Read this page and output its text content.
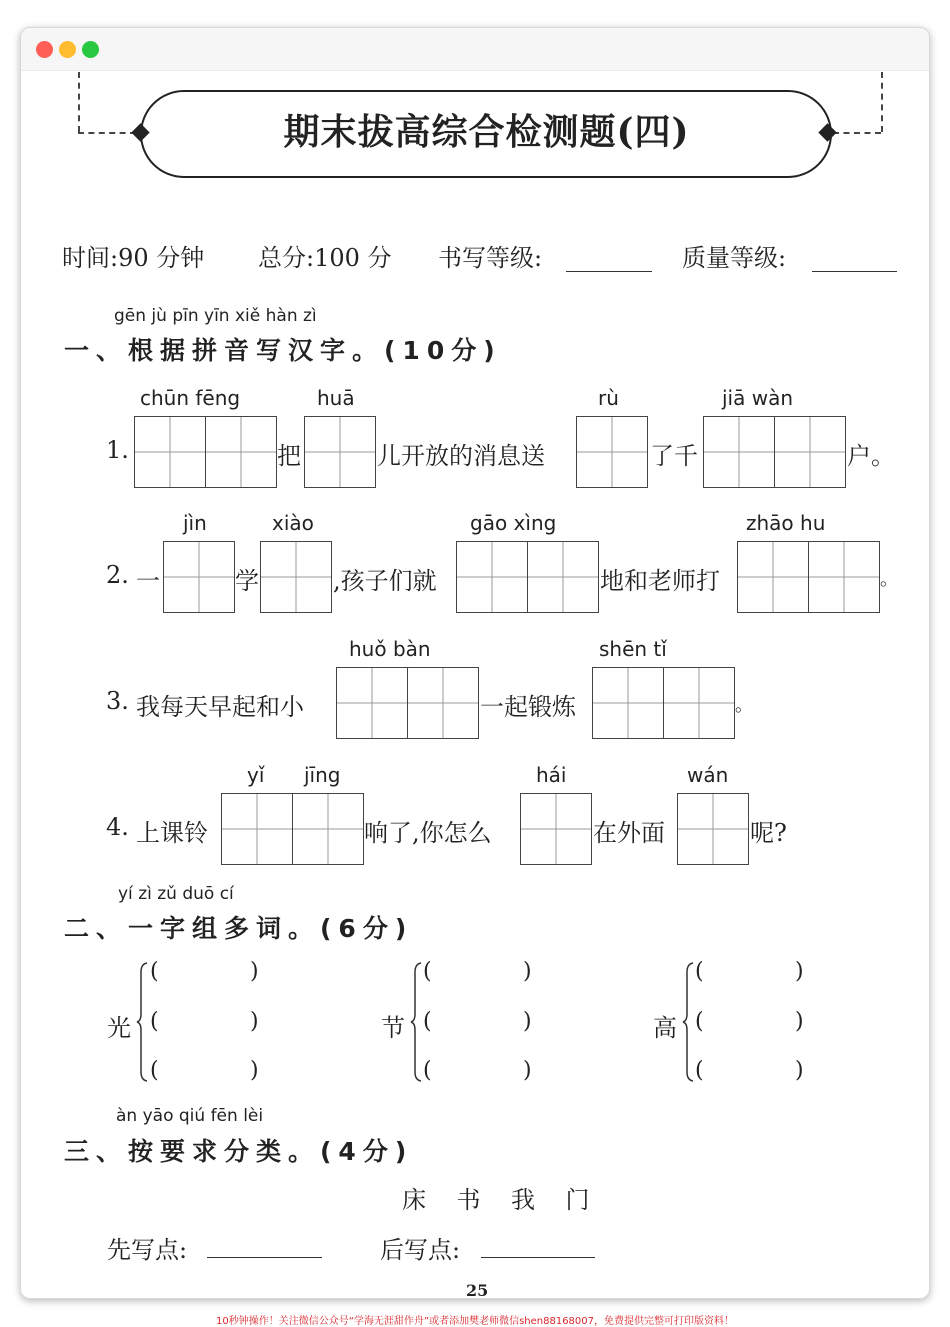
期末拔高综合检测题(四)
时间:90 分钟 总分:100 分 书写等级:	质量等级:
gēn jù pīn yīn xiě hàn zì
一、根据拼音写汉字。(10分)
chūn fēng	huā	rù	jiā wàn
1.	把	儿开放的消息送	了千	户。
jìn	xiào	gāo xìng	zhāo hu
2. 一	学	,孩子们就	地和老师打	。
huǒ bàn	shēn tǐ
3. 我每天早起和小	一起锻炼	。
yǐ jīng	hái	wán
4. 上课铃	响了,你怎么	在外面	呢?
yí zì zǔ duō cí
二、一字组多词。(6分)
光
(	)
(	)
(	)
节
(	)
(	)
(	)
高
(	)
(	)
(	)
àn yāo qiú fēn lèi
三、按要求分类。(4分)
床    书    我    门
先写点:	后写点:
25
10秒钟操作！关注微信公众号“学海无涯甜作舟”或者添加樊老师微信shen88168007，免费提供完整可打印版资料！
